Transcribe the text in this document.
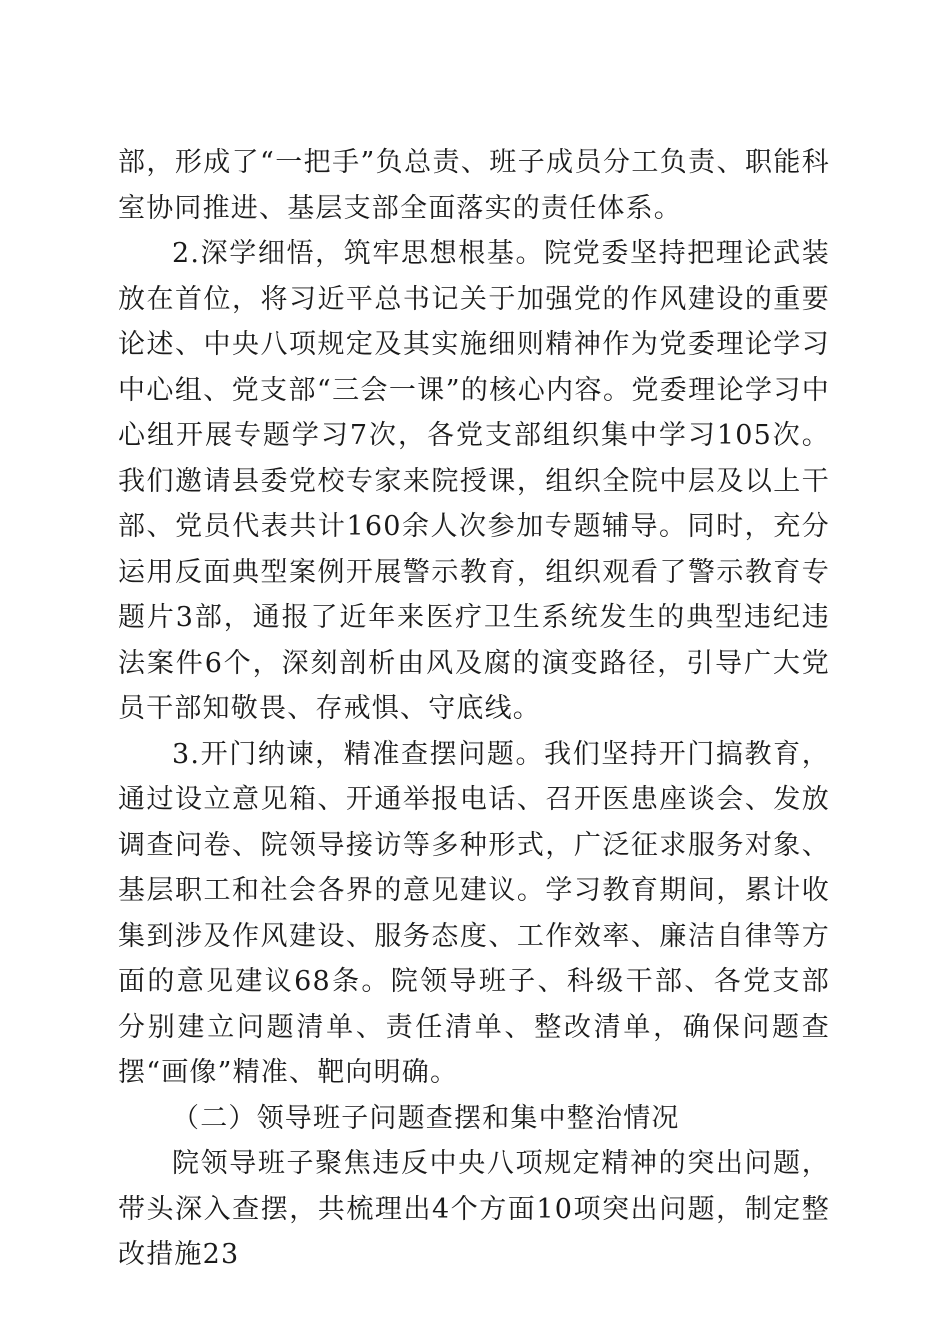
部，形成了“一把手”负总责、班子成员分工负责、职能科室协同推进、基层支部全面落实的责任体系。

2.深学细悟，筑牢思想根基。院党委坚持把理论武装放在首位，将习近平总书记关于加强党的作风建设的重要论述、中央八项规定及其实施细则精神作为党委理论学习中心组、党支部“三会一课”的核心内容。党委理论学习中心组开展专题学习7次，各党支部组织集中学习105次。我们邀请县委党校专家来院授课，组织全院中层及以上干部、党员代表共计160余人次参加专题辅导。同时，充分运用反面典型案例开展警示教育，组织观看了警示教育专题片3部，通报了近年来医疗卫生系统发生的典型违纪违法案件6个，深刻剖析由风及腐的演变路径，引导广大党员干部知敬畏、存戒惧、守底线。

3.开门纳谏，精准查摆问题。我们坚持开门搞教育，通过设立意见箱、开通举报电话、召开医患座谈会、发放调查问卷、院领导接访等多种形式，广泛征求服务对象、基层职工和社会各界的意见建议。学习教育期间，累计收集到涉及作风建设、服务态度、工作效率、廉洁自律等方面的意见建议68条。院领导班子、科级干部、各党支部分别建立问题清单、责任清单、整改清单，确保问题查摆“画像”精准、靶向明确。

（二）领导班子问题查摆和集中整治情况

院领导班子聚焦违反中央八项规定精神的突出问题，带头深入查摆，共梳理出4个方面10项突出问题，制定整改措施23
